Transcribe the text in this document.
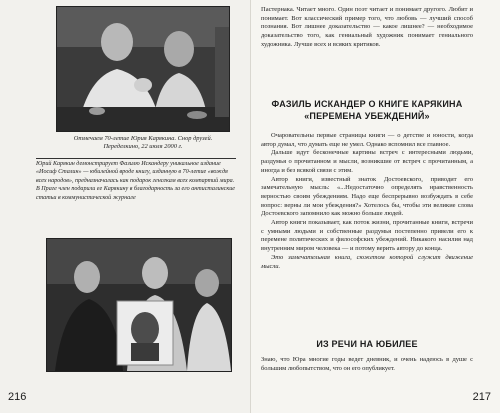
Отмечаем 70-летие Юрия Карякина. Снор друзей. Переделкино, 22 июля 2000 г.

Юрий Карякин демонстрирует Фазилю Искандеру уникальное издание «Иосиф Сталин» — юбилейной вроде книгу, изданную в 70-летие «вождя всех народов», предназначалась как подарок генсекам всех компартий мира. В Праге член подарили ее Карякину в благодарность за его антисталинские статьи в коммунистической журнале

216

Пастернака. Читает много. Один поэт читает и понимает другого. Любит и понимает. Вот классический пример того, что любовь — лучший способ познания. Вот лишнее доказательство — какое лишнее? — необходимое доказательство того, как гениальный художник понимает гениального художника. Лучше всех и всяких критиков.

ФАЗИЛЬ ИСКАНДЕР О КНИГЕ КАРЯКИНА «ПЕРЕМЕНА УБЕЖДЕНИЙ»

Очаровательны первые страницы книги — о детстве и юности, когда автор думал, что думать еще не умел. Однако вспомнил все главное.

Дальше идут бесконечные картины встреч с интересными людьми, раздумья о прочитанном и мысли, возникшие от встреч с прочитанным, а иногда и без всякой связи с этим.

Автор книги, известный знаток Достоевского, приводит его замечательную мысль: «...Недостаточно определять нравственность верностью своим убеждениям. Надо еще беспрерывно возбуждать в себе вопрос: верны ли мои убеждения?» Хотелось бы, чтобы эти великие слова Достоевского запомнило как можно больше людей.

Автор книги показывает, как поток жизни, прочитанные книги, встречи с умными людьми и собственные раздумья постепенно привели его к перемене политических и философских убеждений. Никакого насилия над внутренним миром человека — и потому верить автору до конца.

Это замечательная книга, сюжетом которой служит движение мысли.

ИЗ РЕЧИ НА ЮБИЛЕЕ

Знаю, что Юра многие годы ведет дневник, и очень надеюсь в душе с большим любопытством, что он его опубликует.

217
